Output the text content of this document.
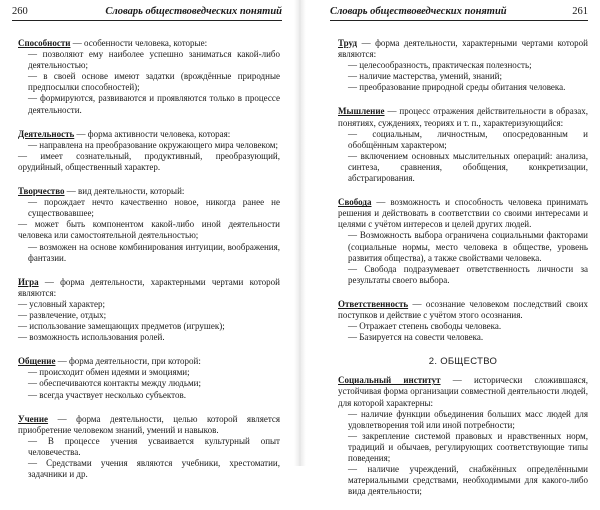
260	Словарь обществоведческих понятий
Способности — особенности человека, которые:
— позволяют ему наиболее успешно заниматься какой-либо деятельностью;
— в своей основе имеют задатки (врождённые природные предпосылки способностей);
— формируются, развиваются и проявляются только в процессе деятельности.
Деятельность — форма активности человека, которая:
— направлена на преобразование окружающего мира человеком;
— имеет сознательный, продуктивный, преобразующий, орудийный, общественный характер.
Творчество — вид деятельности, который:
— порождает нечто качественно новое, никогда ранее не существовавшее;
— может быть компонентом какой-либо иной деятельности человека или самостоятельной деятельностью;
— возможен на основе комбинирования интуиции, воображения, фантазии.
Игра — форма деятельности, характерными чертами которой являются:
— условный характер;
— развлечение, отдых;
— использование замещающих предметов (игрушек);
— возможность использования ролей.
Общение — форма деятельности, при которой:
— происходит обмен идеями и эмоциями;
— обеспечиваются контакты между людьми;
— всегда участвует несколько субъектов.
Учение — форма деятельности, целью которой является приобретение человеком знаний, умений и навыков.
— В процессе учения усваивается культурный опыт человечества.
— Средствами учения являются учебники, хрестоматии, задачники и др.
Словарь обществоведческих понятий	261
Труд — форма деятельности, характерными чертами которой являются:
— целесообразность, практическая полезность;
— наличие мастерства, умений, знаний;
— преобразование природной среды обитания человека.
Мышление — процесс отражения действительности в образах, понятиях, суждениях, теориях и т. п., характеризующийся:
— социальным, личностным, опосредованным и обобщённым характером;
— включением основных мыслительных операций: анализа, синтеза, сравнения, обобщения, конкретизации, абстрагирования.
Свобода — возможность и способность человека принимать решения и действовать в соответствии со своими интересами и целями с учётом интересов и целей других людей.
— Возможность выбора ограничена социальными факторами (социальные нормы, место человека в обществе, уровень развития общества), а также свойствами человека.
— Свобода подразумевает ответственность личности за результаты своего выбора.
Ответственность — осознание человеком последствий своих поступков и действие с учётом этого осознания.
— Отражает степень свободы человека.
— Базируется на совести человека.
2. ОБЩЕСТВО
Социальный институт — исторически сложившаяся, устойчивая форма организации совместной деятельности людей, для которой характерны:
— наличие функции объединения больших масс людей для удовлетворения той или иной потребности;
— закрепление системой правовых и нравственных норм, традиций и обычаев, регулирующих соответствующие типы поведения;
— наличие учреждений, снабжённых определёнными материальными средствами, необходимыми для какого-либо вида деятельности;
